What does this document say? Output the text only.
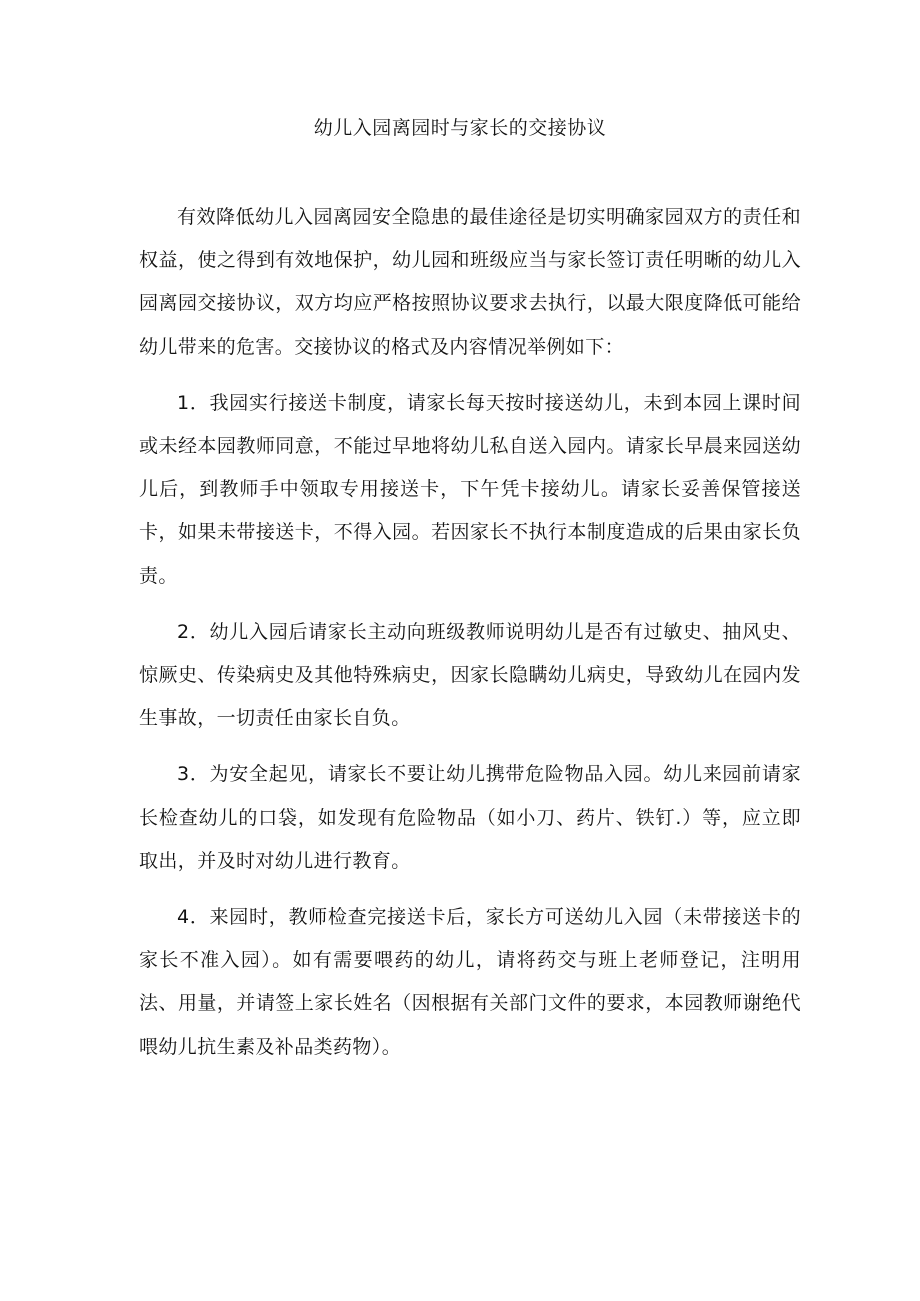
幼儿入园离园时与家长的交接协议

有效降低幼儿入园离园安全隐患的最佳途径是切实明确家园双方的责任和权益，使之得到有效地保护，幼儿园和班级应当与家长签订责任明晰的幼儿入园离园交接协议，双方均应严格按照协议要求去执行，以最大限度降低可能给幼儿带来的危害。交接协议的格式及内容情况举例如下：

1．我园实行接送卡制度，请家长每天按时接送幼儿，未到本园上课时间或未经本园教师同意，不能过早地将幼儿私自送入园内。请家长早晨来园送幼儿后，到教师手中领取专用接送卡，下午凭卡接幼儿。请家长妥善保管接送卡，如果未带接送卡，不得入园。若因家长不执行本制度造成的后果由家长负责。

2．幼儿入园后请家长主动向班级教师说明幼儿是否有过敏史、抽风史、惊厥史、传染病史及其他特殊病史，因家长隐瞒幼儿病史，导致幼儿在园内发生事故，一切责任由家长自负。

3．为安全起见，请家长不要让幼儿携带危险物品入园。幼儿来园前请家长检查幼儿的口袋，如发现有危险物品（如小刀、药片、铁钉.）等，应立即取出，并及时对幼儿进行教育。

4．来园时，教师检查完接送卡后，家长方可送幼儿入园（未带接送卡的家长不准入园）。如有需要喂药的幼儿，请将药交与班上老师登记，注明用法、用量，并请签上家长姓名（因根据有关部门文件的要求，本园教师谢绝代喂幼儿抗生素及补品类药物）。
